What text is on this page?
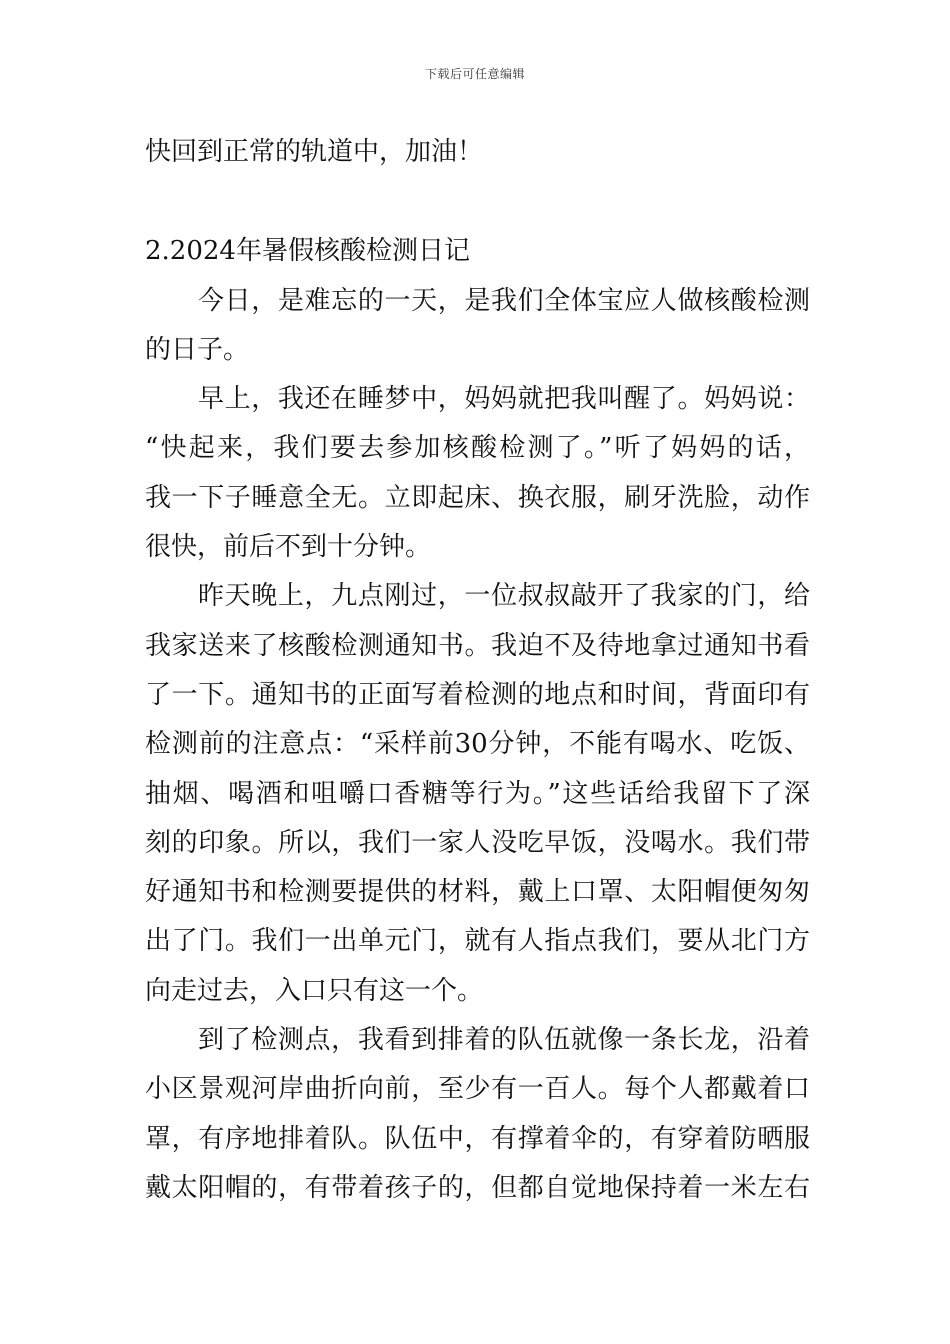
下载后可任意编辑
快回到正常的轨道中，加油！
2.2024年暑假核酸检测日记
今日，是难忘的一天，是我们全体宝应人做核酸检测
的日子。
早上，我还在睡梦中，妈妈就把我叫醒了。妈妈说：
“快起来，我们要去参加核酸检测了。”听了妈妈的话，
我一下子睡意全无。立即起床、换衣服，刷牙洗脸，动作
很快，前后不到十分钟。
昨天晚上，九点刚过，一位叔叔敲开了我家的门，给
我家送来了核酸检测通知书。我迫不及待地拿过通知书看
了一下。通知书的正面写着检测的地点和时间，背面印有
检测前的注意点：“采样前30分钟，不能有喝水、吃饭、
抽烟、喝酒和咀嚼口香糖等行为。”这些话给我留下了深
刻的印象。所以，我们一家人没吃早饭，没喝水。我们带
好通知书和检测要提供的材料，戴上口罩、太阳帽便匆匆
出了门。我们一出单元门，就有人指点我们，要从北门方
向走过去，入口只有这一个。
到了检测点，我看到排着的队伍就像一条长龙，沿着
小区景观河岸曲折向前，至少有一百人。每个人都戴着口
罩，有序地排着队。队伍中，有撑着伞的，有穿着防晒服
戴太阳帽的，有带着孩子的，但都自觉地保持着一米左右
